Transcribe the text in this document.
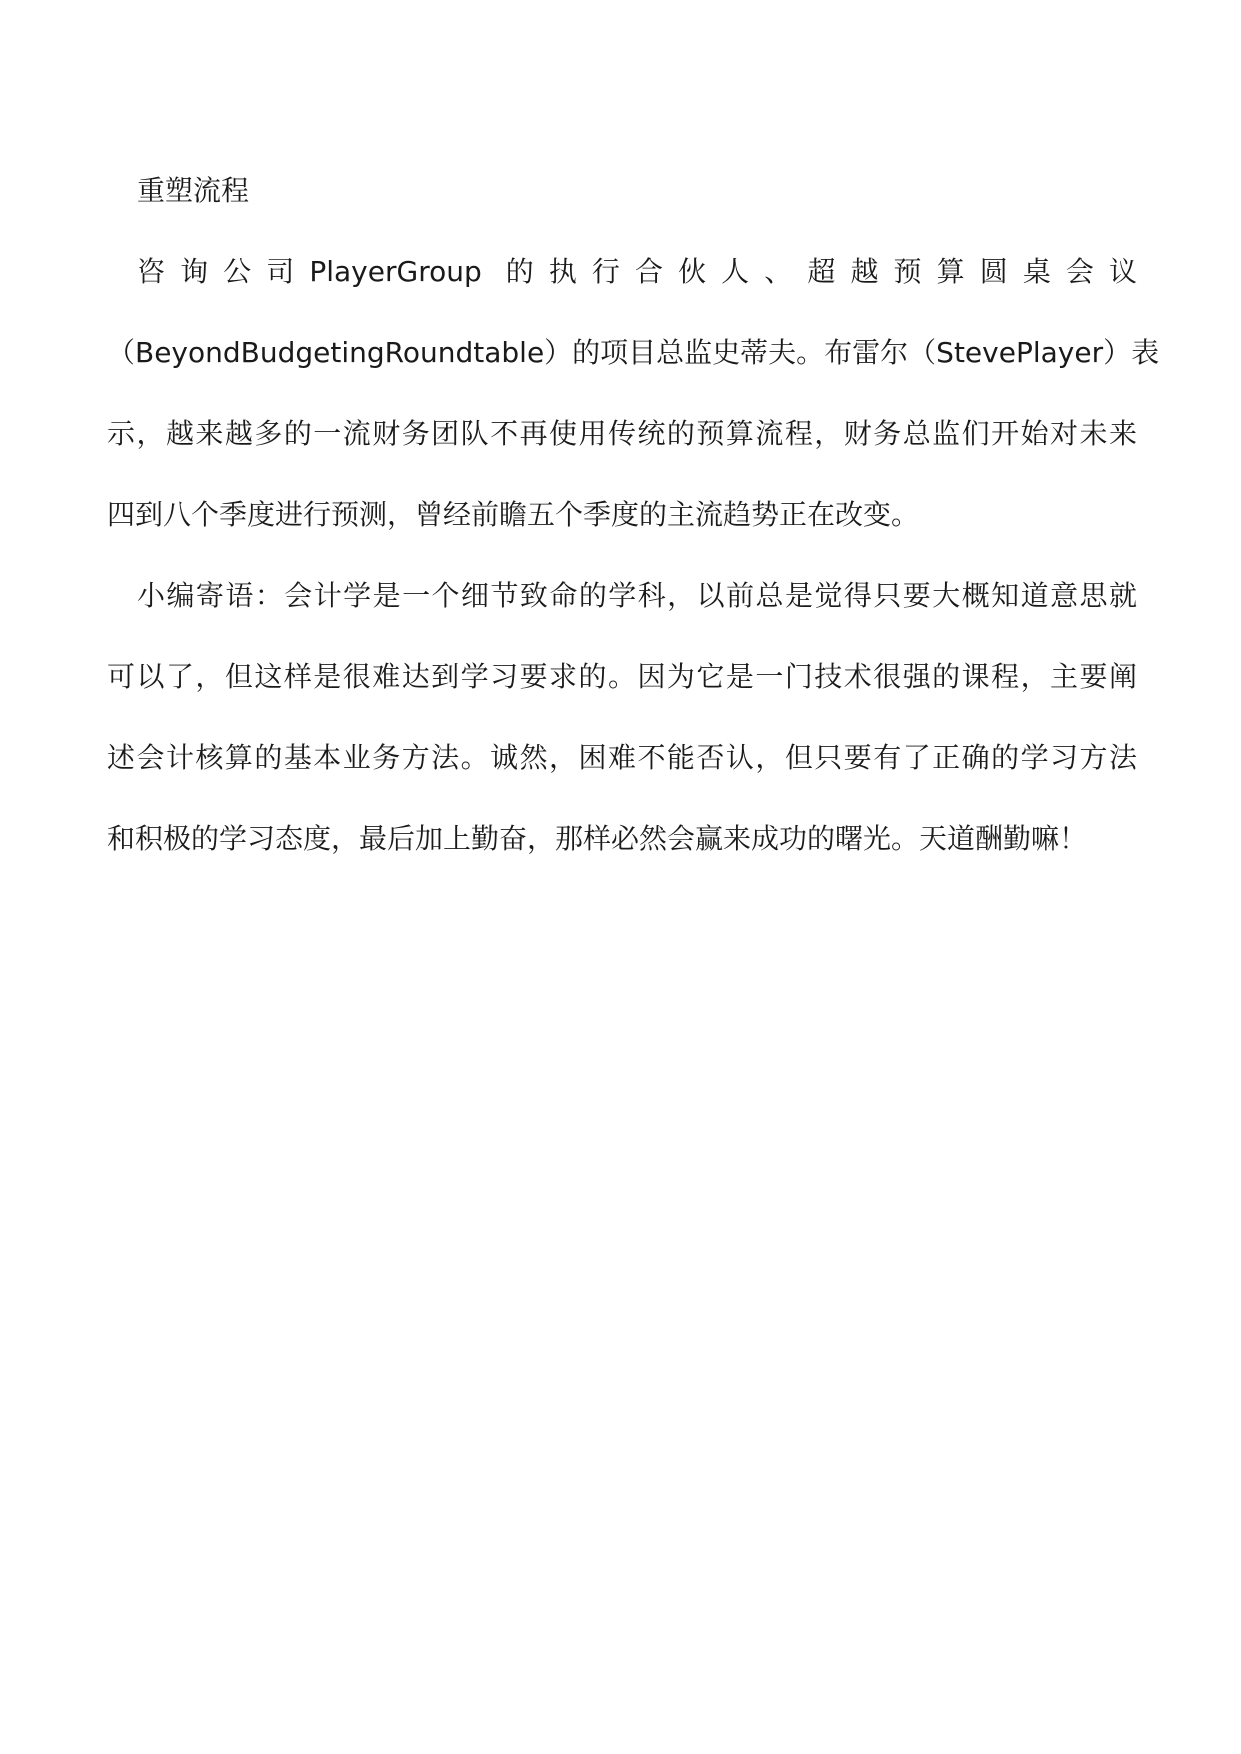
重塑流程
咨询公司PlayerGroup 的执行合伙人、超越预算圆桌会议
（BeyondBudgetingRoundtable）的项目总监史蒂夫。布雷尔（StevePlayer）表
示，越来越多的一流财务团队不再使用传统的预算流程，财务总监们开始对未来
四到八个季度进行预测，曾经前瞻五个季度的主流趋势正在改变。
小编寄语：会计学是一个细节致命的学科，以前总是觉得只要大概知道意思就
可以了，但这样是很难达到学习要求的。因为它是一门技术很强的课程，主要阐
述会计核算的基本业务方法。诚然，困难不能否认，但只要有了正确的学习方法
和积极的学习态度，最后加上勤奋，那样必然会赢来成功的曙光。天道酬勤嘛！
